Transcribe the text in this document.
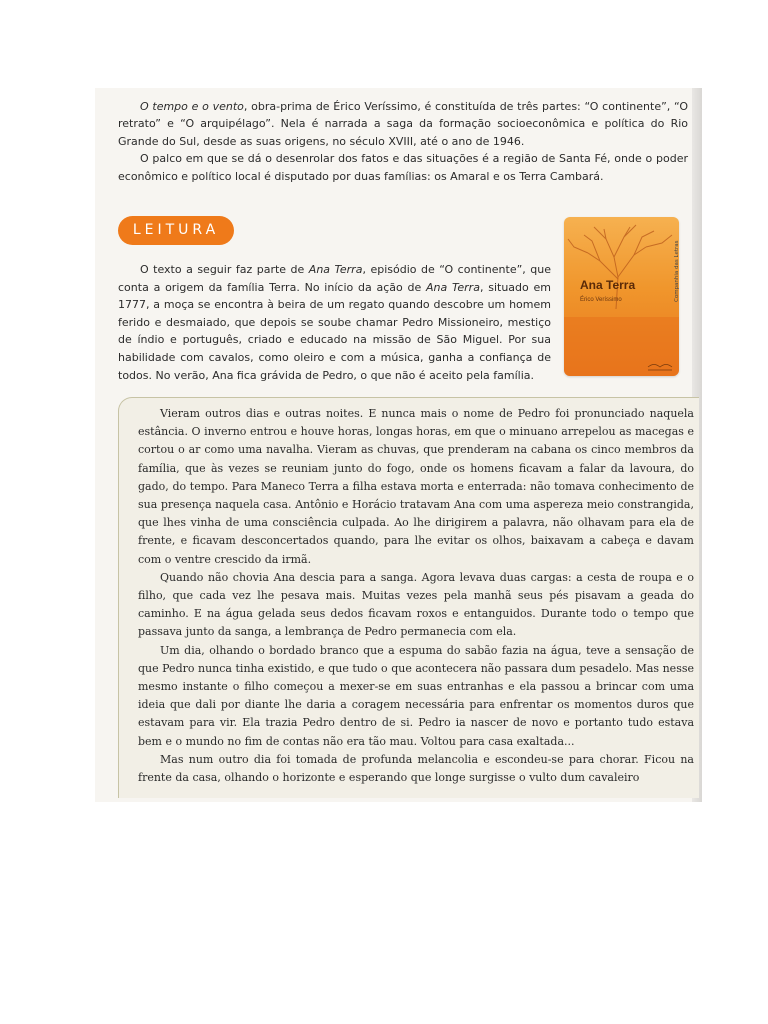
O tempo e o vento, obra-prima de Érico Veríssimo, é constituída de três partes: “O continente”, “O retrato” e “O arquipélago”. Nela é narrada a saga da formação socioeconômica e política do Rio Grande do Sul, desde as suas origens, no século XVIII, até o ano de 1946.

O palco em que se dá o desenrolar dos fatos e das situações é a região de Santa Fé, onde o poder econômico e político local é disputado por duas famílias: os Amaral e os Terra Cambará.

LEITURA

O texto a seguir faz parte de Ana Terra, episódio de “O continente”, que conta a origem da família Terra. No início da ação de Ana Terra, situado em 1777, a moça se encontra à beira de um regato quando descobre um homem ferido e desmaiado, que depois se soube chamar Pedro Missioneiro, mestiço de índio e português, criado e educado na missão de São Miguel. Por sua habilidade com cavalos, como oleiro e com a música, ganha a confiança de todos. No verão, Ana fica grávida de Pedro, o que não é aceito pela família.

Ana Terra
Érico Veríssimo	Companhia das Letras

Vieram outros dias e outras noites. E nunca mais o nome de Pedro foi pronunciado naquela estância. O inverno entrou e houve horas, longas horas, em que o minuano arrepelou as macegas e cortou o ar como uma navalha. Vieram as chuvas, que prenderam na cabana os cinco membros da família, que às vezes se reuniam junto do fogo, onde os homens ficavam a falar da lavoura, do gado, do tempo. Para Maneco Terra a filha estava morta e enterrada: não tomava conhecimento de sua presença naquela casa. Antônio e Horácio tratavam Ana com uma aspereza meio constrangida, que lhes vinha de uma consciência culpada. Ao lhe dirigirem a palavra, não olhavam para ela de frente, e ficavam desconcertados quando, para lhe evitar os olhos, baixavam a cabeça e davam com o ventre crescido da irmã.

Quando não chovia Ana descia para a sanga. Agora levava duas cargas: a cesta de roupa e o filho, que cada vez lhe pesava mais. Muitas vezes pela manhã seus pés pisavam a geada do caminho. E na água gelada seus dedos ficavam roxos e entanguidos. Durante todo o tempo que passava junto da sanga, a lembrança de Pedro permanecia com ela.

Um dia, olhando o bordado branco que a espuma do sabão fazia na água, teve a sensação de que Pedro nunca tinha existido, e que tudo o que acontecera não passara dum pesadelo. Mas nesse mesmo instante o filho começou a mexer-se em suas entranhas e ela passou a brincar com uma ideia que dali por diante lhe daria a coragem necessária para enfrentar os momentos duros que estavam para vir. Ela trazia Pedro dentro de si. Pedro ia nascer de novo e portanto tudo estava bem e o mundo no fim de contas não era tão mau. Voltou para casa exaltada...

Mas num outro dia foi tomada de profunda melancolia e escondeu-se para chorar. Ficou na frente da casa, olhando o horizonte e esperando que longe surgisse o vulto dum cavaleiro
